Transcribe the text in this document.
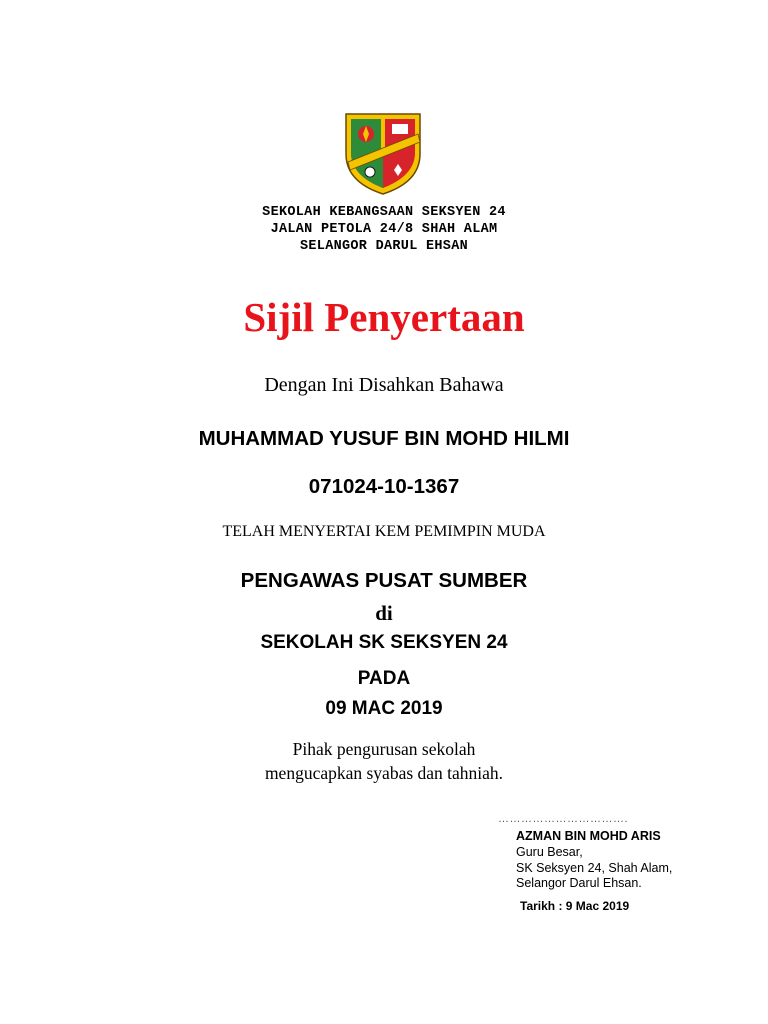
SEKOLAH KEBANGSAAN SEKSYEN 24
JALAN PETOLA 24/8 SHAH ALAM
SELANGOR DARUL EHSAN
Sijil Penyertaan
Dengan Ini Disahkan Bahawa
MUHAMMAD YUSUF BIN MOHD HILMI
071024-10-1367
TELAH MENYERTAI KEM PEMIMPIN MUDA
PENGAWAS PUSAT SUMBER
di
SEKOLAH SK SEKSYEN 24
PADA
09 MAC 2019
Pihak pengurusan sekolah
mengucapkan syabas dan tahniah.
…………………………….
AZMAN BIN MOHD ARIS
Guru Besar,
SK Seksyen 24, Shah Alam,
Selangor Darul Ehsan.
Tarikh : 9 Mac 2019
